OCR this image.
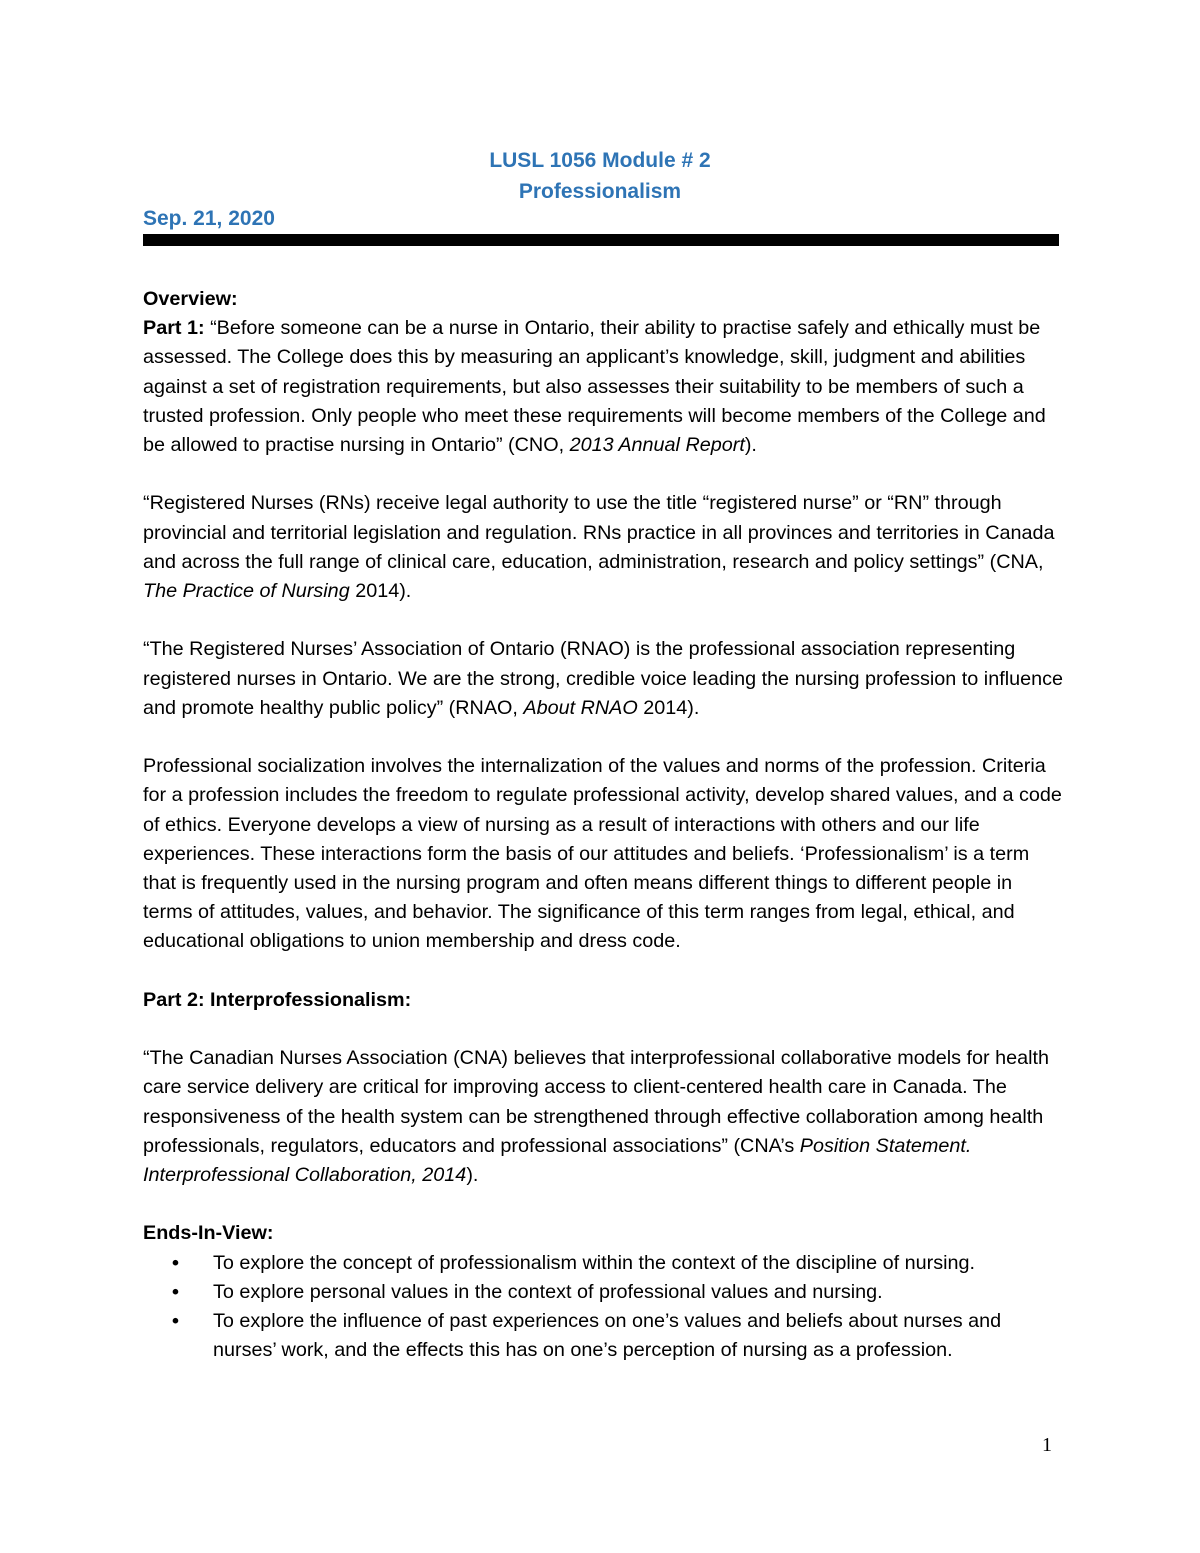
LUSL 1056 Module # 2
Professionalism
Sep. 21, 2020
Overview:

Part 1: “Before someone can be a nurse in Ontario, their ability to practise safely and ethically must be assessed. The College does this by measuring an applicant’s knowledge, skill, judgment and abilities against a set of registration requirements, but also assesses their suitability to be members of such a trusted profession. Only people who meet these requirements will become members of the College and be allowed to practise nursing in Ontario” (CNO, 2013 Annual Report).

“Registered Nurses (RNs) receive legal authority to use the title “registered nurse” or “RN” through provincial and territorial legislation and regulation. RNs practice in all provinces and territories in Canada and across the full range of clinical care, education, administration, research and policy settings” (CNA, The Practice of Nursing 2014).

“The Registered Nurses’ Association of Ontario (RNAO) is the professional association representing registered nurses in Ontario. We are the strong, credible voice leading the nursing profession to influence and promote healthy public policy” (RNAO, About RNAO 2014).

Professional socialization involves the internalization of the values and norms of the profession. Criteria for a profession includes the freedom to regulate professional activity, develop shared values, and a code of ethics. Everyone develops a view of nursing as a result of interactions with others and our life experiences. These interactions form the basis of our attitudes and beliefs. ‘Professionalism’ is a term that is frequently used in the nursing program and often means different things to different people in terms of attitudes, values, and behavior. The significance of this term ranges from legal, ethical, and educational obligations to union membership and dress code.

Part 2: Interprofessionalism:

“The Canadian Nurses Association (CNA) believes that interprofessional collaborative models for health care service delivery are critical for improving access to client-centered health care in Canada. The responsiveness of the health system can be strengthened through effective collaboration among health professionals, regulators, educators and professional associations” (CNA’s Position Statement. Interprofessional Collaboration, 2014).

Ends-In-View:
• To explore the concept of professionalism within the context of the discipline of nursing.
• To explore personal values in the context of professional values and nursing.
• To explore the influence of past experiences on one’s values and beliefs about nurses and nurses’ work, and the effects this has on one’s perception of nursing as a profession.
1
